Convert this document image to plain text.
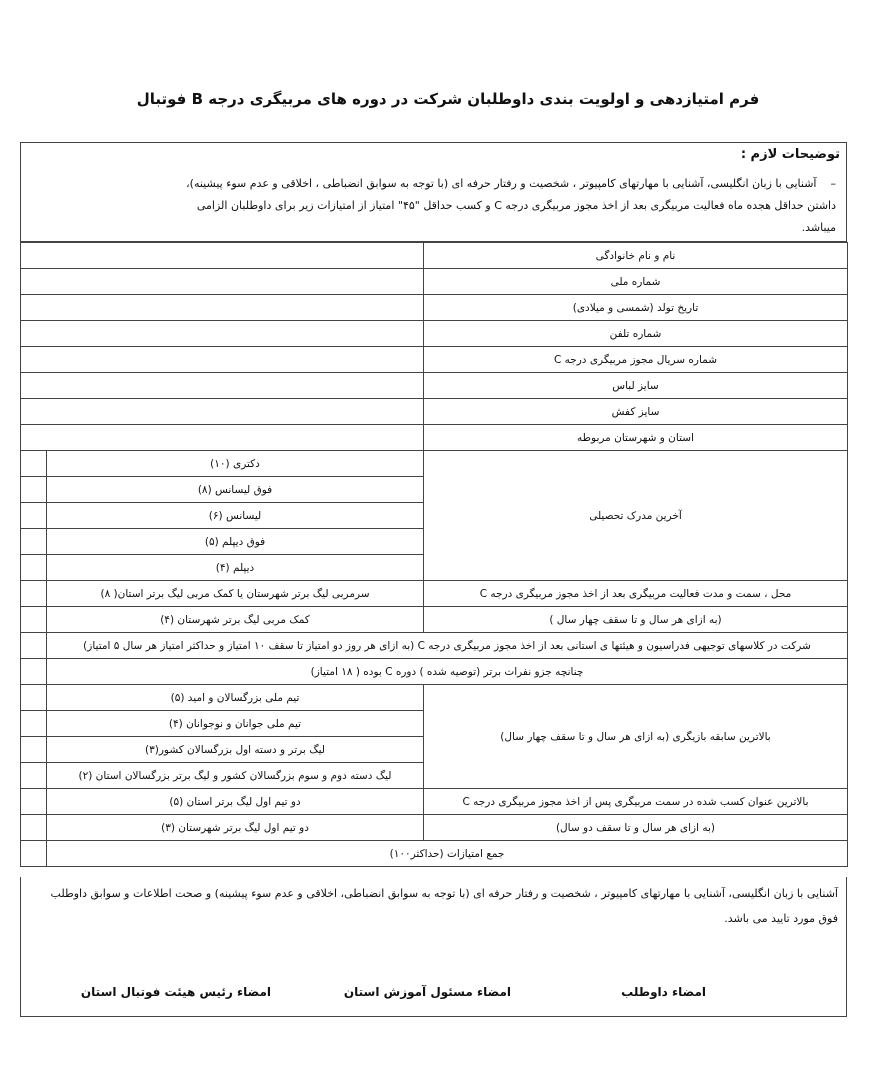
فرم امتیازدهی و اولویت بندی داوطلبان شرکت در دوره های مربیگری درجه B فوتبال
توضیحات لازم :
–آشنایی با زبان انگلیسی، آشنایی با مهارتهای کامپیوتر ، شخصیت و رفتار حرفه ای (با توجه به سوابق انضباطی ، اخلاقی و عدم سوء پیشینه)،
داشتن حداقل هجده ماه فعالیت مربیگری بعد از اخذ مجوز مربیگری درجه C و کسب حداقل "۴۵" امتیاز از امتیازات زیر برای داوطلبان الزامی
میباشد.
نام و نام خانوادگی		
شماره ملی		
تاریخ تولد (شمسی و میلادی)		
شماره تلفن		
شماره سریال مجوز مربیگری درجه C		
سایز لباس		
سایز کفش		
استان و شهرستان مربوطه		
آخرین مدرک تحصیلی	دکتری (۱۰)	
	فوق لیسانس (۸)	
	لیسانس (۶)	
	فوق دیپلم (۵)	
	دیپلم (۴)	
محل ، سمت و مدت فعالیت مربیگری بعد از اخذ مجوز مربیگری درجه C	سرمربی لیگ برتر شهرستان یا کمک مربی لیگ برتر استان( ۸)	
(به ازای هر سال و تا سقف چهار سال )	کمک مربی لیگ برتر شهرستان (۴)	
شرکت در کلاسهای توجیهی فدراسیون و هیئتها ی استانی بعد از اخذ مجوز مربیگری درجه C (به ازای هر روز دو امتیاز تا سقف ۱۰ امتیاز و حداکثر امتیاز هر سال ۵ امتیاز)		
چنانچه جزو نفرات برتر (توصیه شده ) دوره C بوده ( ۱۸ امتیاز)		
بالاترین سابقه بازیگری (به ازای هر سال و تا سقف چهار سال)	تیم ملی بزرگسالان و امید (۵)	
	تیم ملی جوانان و نوجوانان (۴)	
	لیگ برتر و دسته اول بزرگسالان کشور(۳)	
	لیگ دسته دوم و سوم بزرگسالان کشور و لیگ برتر بزرگسالان استان (۲)	
بالاترین عنوان کسب شده در سمت مربیگری پس از اخذ مجوز مربیگری درجه C	دو تیم اول لیگ برتر استان (۵)	
(به ازای هر سال و تا سقف دو سال)	دو تیم اول لیگ برتر شهرستان (۳)	
جمع امتیازات (حداکثر۱۰۰)		
آشنایی با زبان انگلیسی، آشنایی با مهارتهای کامپیوتر ، شخصیت و رفتار حرفه ای (با توجه به سوابق انضباطی، اخلاقی و عدم سوء پیشینه) و صحت اطلاعات و سوابق داوطلب فوق مورد تایید می باشد.
امضاء داوطلب
امضاء مسئول آموزش استان
امضاء رئیس هیئت فوتبال استان
